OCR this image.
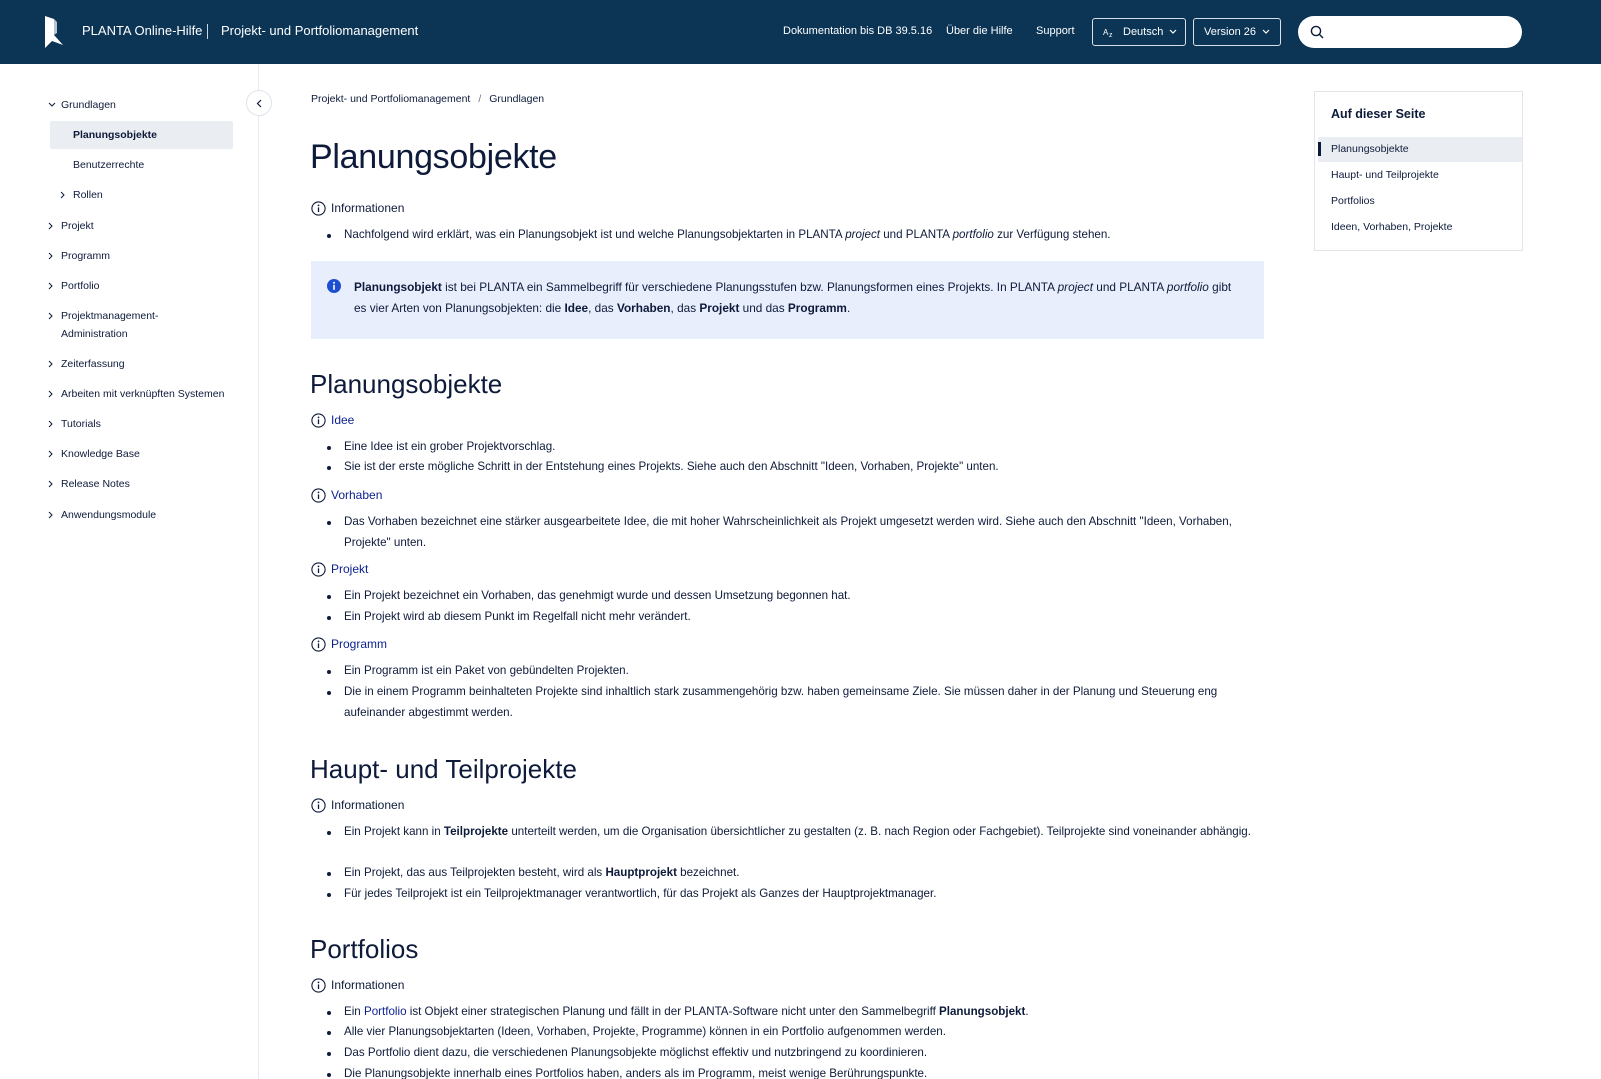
PLANTA Online-Hilfe Projekt- und Portfoliomanagement	Dokumentation bis DB 39.5.16 Über die Hilfe Support	A z Deutsch	Version 26
Grundlagen
Planungsobjekte
Benutzerrechte
Rollen
Projekt
Programm
Portfolio
Projektmanagement-
Administration
Zeiterfassung
Arbeiten mit verknüpften Systemen
Tutorials
Knowledge Base
Release Notes
Anwendungsmodule
Projekt- und Portfoliomanagement / Grundlagen
Planungsobjekte
Informationen
Nachfolgend wird erklärt, was ein Planungsobjekt ist und welche Planungsobjektarten in PLANTA project und PLANTA portfolio zur Verfügung stehen.
Planungsobjekt ist bei PLANTA ein Sammelbegriff für verschiedene Planungsstufen bzw. Planungsformen eines Projekts. In PLANTA project und PLANTA portfolio gibt es vier Arten von Planungsobjekten: die Idee, das Vorhaben, das Projekt und das Programm.
Planungsobjekte
Idee
Eine Idee ist ein grober Projektvorschlag.
Sie ist der erste mögliche Schritt in der Entstehung eines Projekts. Siehe auch den Abschnitt "Ideen, Vorhaben, Projekte" unten.
Vorhaben
Das Vorhaben bezeichnet eine stärker ausgearbeitete Idee, die mit hoher Wahrscheinlichkeit als Projekt umgesetzt werden wird. Siehe auch den Abschnitt "Ideen, Vorhaben, Projekte" unten.
Projekt
Ein Projekt bezeichnet ein Vorhaben, das genehmigt wurde und dessen Umsetzung begonnen hat.
Ein Projekt wird ab diesem Punkt im Regelfall nicht mehr verändert.
Programm
Ein Programm ist ein Paket von gebündelten Projekten.
Die in einem Programm beinhalteten Projekte sind inhaltlich stark zusammengehörig bzw. haben gemeinsame Ziele. Sie müssen daher in der Planung und Steuerung eng aufeinander abgestimmt werden.
Haupt- und Teilprojekte
Informationen
Ein Projekt kann in Teilprojekte unterteilt werden, um die Organisation übersichtlicher zu gestalten (z. B. nach Region oder Fachgebiet). Teilprojekte sind voneinander abhängig.
Ein Projekt, das aus Teilprojekten besteht, wird als Hauptprojekt bezeichnet.
Für jedes Teilprojekt ist ein Teilprojektmanager verantwortlich, für das Projekt als Ganzes der Hauptprojektmanager.
Portfolios
Informationen
Ein Portfolio ist Objekt einer strategischen Planung und fällt in der PLANTA-Software nicht unter den Sammelbegriff Planungsobjekt.
Alle vier Planungsobjektarten (Ideen, Vorhaben, Projekte, Programme) können in ein Portfolio aufgenommen werden.
Das Portfolio dient dazu, die verschiedenen Planungsobjekte möglichst effektiv und nutzbringend zu koordinieren.
Die Planungsobjekte innerhalb eines Portfolios haben, anders als im Programm, meist wenige Berührungspunkte.
Auf dieser Seite
Planungsobjekte
Haupt- und Teilprojekte
Portfolios
Ideen, Vorhaben, Projekte
